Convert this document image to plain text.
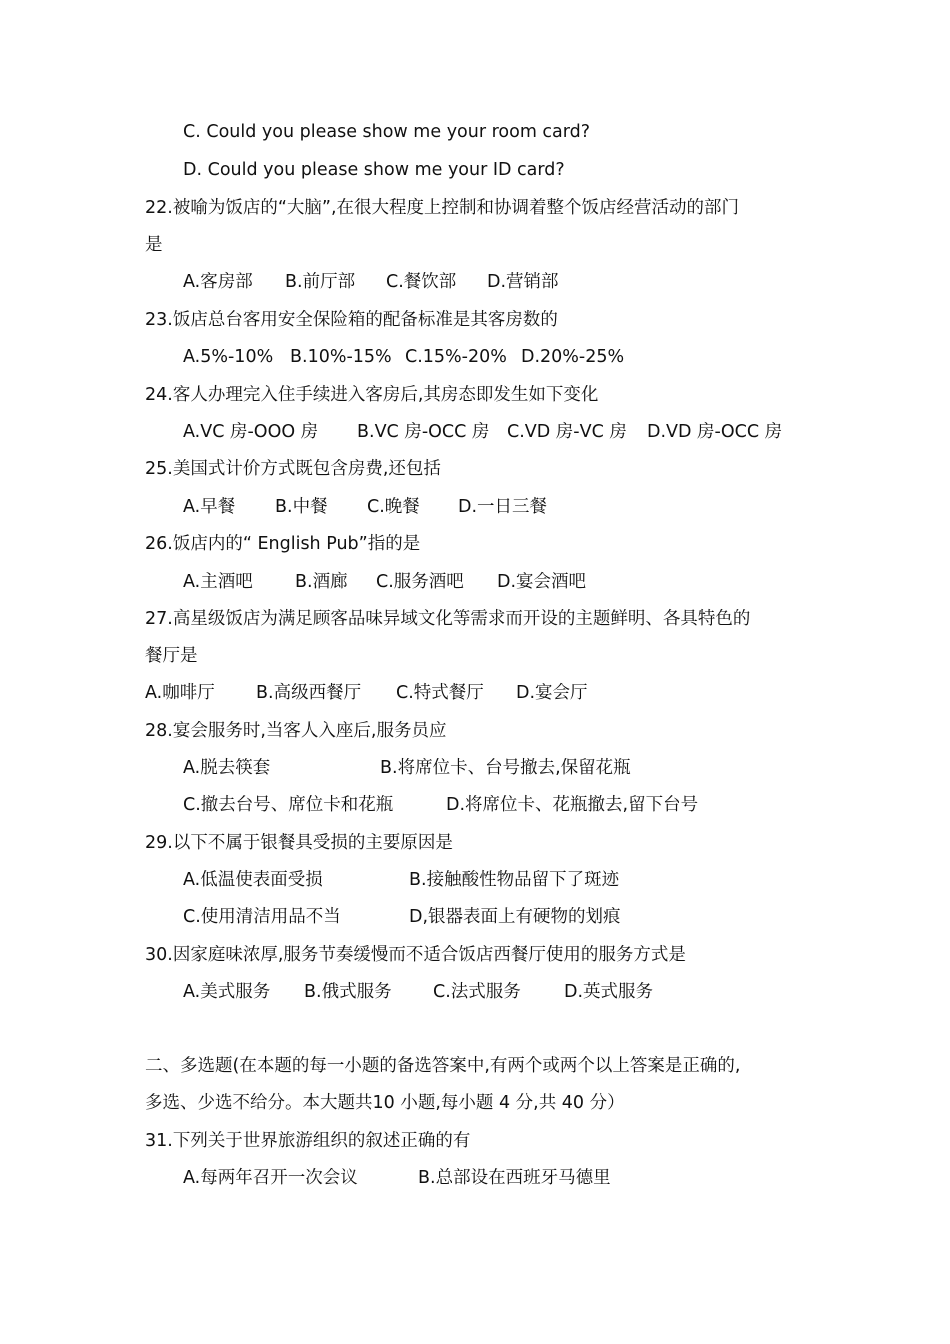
C. Could you please show me your room card?
D. Could you please show me your ID card?
22.被喻为饭店的“大脑”,在很大程度上控制和协调着整个饭店经营活动的部门
是
A.客房部 B.前厅部 C.餐饮部 D.营销部
23.饭店总台客用安全保险箱的配备标准是其客房数的
A.5%-10% B.10%-15% C.15%-20% D.20%-25%
24.客人办理完入住手续进入客房后,其房态即发生如下变化
A.VC 房-OOO 房 B.VC 房-OCC 房 C.VD 房-VC 房 D.VD 房-OCC 房
25.美国式计价方式既包含房费,还包括
A.早餐 B.中餐 C.晚餐 D.一日三餐
26.饭店内的“ English Pub”指的是
A.主酒吧 B.酒廊 C.服务酒吧 D.宴会酒吧
27.高星级饭店为满足顾客品味异域文化等需求而开设的主题鲜明、各具特色的
餐厅是
A.咖啡厅 B.高级西餐厅 C.特式餐厅 D.宴会厅
28.宴会服务时,当客人入座后,服务员应
A.脱去筷套	B.将席位卡、台号撤去,保留花瓶
C.撤去台号、席位卡和花瓶	D.将席位卡、花瓶撤去,留下台号
29.以下不属于银餐具受损的主要原因是
A.低温使表面受损	B.接触酸性物品留下了斑迹
C.使用清洁用品不当	D,银器表面上有硬物的划痕
30.因家庭味浓厚,服务节奏缓慢而不适合饭店西餐厅使用的服务方式是
A.美式服务 B.俄式服务 C.法式服务 D.英式服务
二、多选题(在本题的每一小题的备选答案中,有两个或两个以上答案是正确的,
多选、少选不给分。本大题共10 小题,每小题 4 分,共 40 分）
31.下列关于世界旅游组织的叙述正确的有
A.每两年召开一次会议	B.总部设在西班牙马德里
